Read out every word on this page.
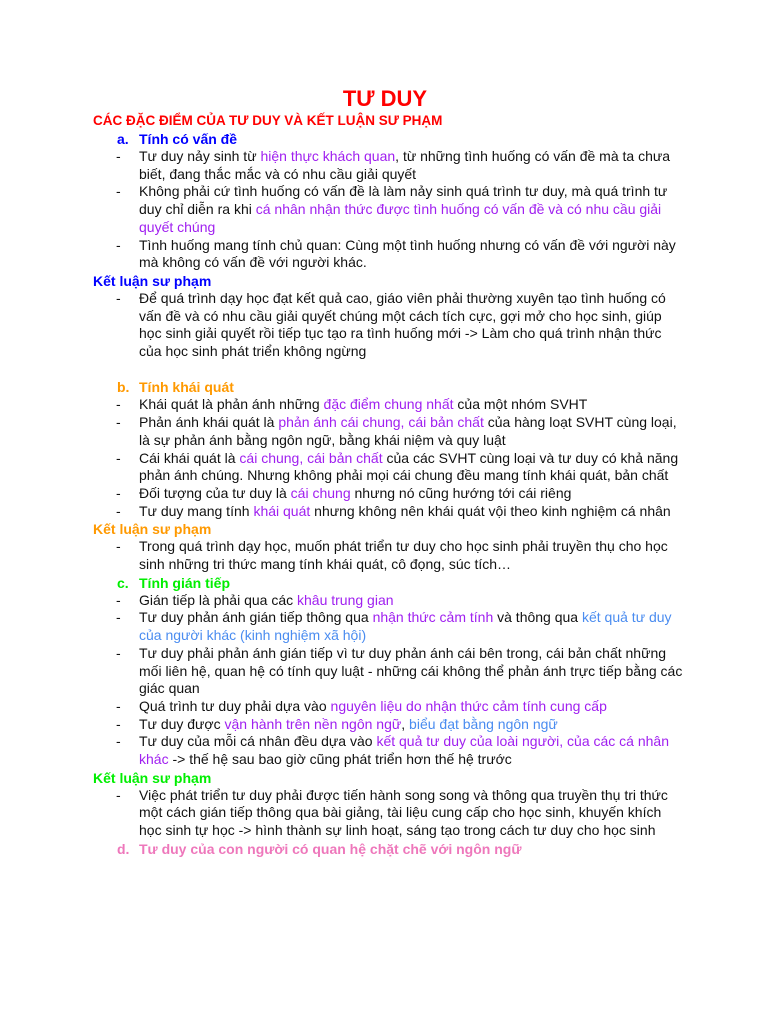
TƯ DUY
CÁC ĐẶC ĐIỂM CỦA TƯ DUY VÀ KẾT LUẬN SƯ PHẠM
a. Tính có vấn đề
-	Tư duy nảy sinh từ hiện thực khách quan, từ những tình huống có vấn đề mà ta chưa biết, đang thắc mắc và có nhu cầu giải quyết
-	Không phải cứ tình huống có vấn đề là làm nảy sinh quá trình tư duy, mà quá trình tư duy chỉ diễn ra khi cá nhân nhận thức được tình huống có vấn đề và có nhu cầu giải quyết chúng
-	Tình huống mang tính chủ quan: Cùng một tình huống nhưng có vấn đề với người này mà không có vấn đề với người khác.
Kết luận sư phạm
-	Để quá trình dạy học đạt kết quả cao, giáo viên phải thường xuyên tạo tình huống có vấn đề và có nhu cầu giải quyết chúng một cách tích cực, gợi mở cho học sinh, giúp học sinh giải quyết rồi tiếp tục tạo ra tình huống mới -> Làm cho quá trình nhận thức của học sinh phát triển không ngừng
b. Tính khái quát
-	Khái quát là phản ánh những đặc điểm chung nhất của một nhóm SVHT
-	Phản ánh khái quát là phản ánh cái chung, cái bản chất của hàng loạt SVHT cùng loại, là sự phản ánh bằng ngôn ngữ, bằng khái niệm và quy luật
-	Cái khái quát là cái chung, cái bản chất của các SVHT cùng loại và tư duy có khả năng phản ánh chúng. Nhưng không phải mọi cái chung đều mang tính khái quát, bản chất
-	Đối tượng của tư duy là cái chung nhưng nó cũng hướng tới cái riêng
-	Tư duy mang tính khái quát nhưng không nên khái quát vội theo kinh nghiệm cá nhân
Kết luận sư phạm
-	Trong quá trình dạy học, muốn phát triển tư duy cho học sinh phải truyền thụ cho học sinh những tri thức mang tính khái quát, cô đọng, súc tích…
c. Tính gián tiếp
-	Gián tiếp là phải qua các khâu trung gian
-	Tư duy phản ánh gián tiếp thông qua nhận thức cảm tính và thông qua kết quả tư duy của người khác (kinh nghiệm xã hội)
-	Tư duy phải phản ánh gián tiếp vì tư duy phản ánh cái bên trong, cái bản chất những mối liên hệ, quan hệ có tính quy luật - những cái không thể phản ánh trực tiếp bằng các giác quan
-	Quá trình tư duy phải dựa vào nguyên liệu do nhận thức cảm tính cung cấp
-	Tư duy được vận hành trên nền ngôn ngữ, biểu đạt bằng ngôn ngữ
-	Tư duy của mỗi cá nhân đều dựa vào kết quả tư duy của loài người, của các cá nhân khác -> thế hệ sau bao giờ cũng phát triển hơn thế hệ trước
Kết luận sư phạm
-	Việc phát triển tư duy phải được tiến hành song song và thông qua truyền thụ tri thức một cách gián tiếp thông qua bài giảng, tài liệu cung cấp cho học sinh, khuyến khích học sinh tự học -> hình thành sự linh hoạt, sáng tạo trong cách tư duy cho học sinh
d. Tư duy của con người có quan hệ chặt chẽ với ngôn ngữ
